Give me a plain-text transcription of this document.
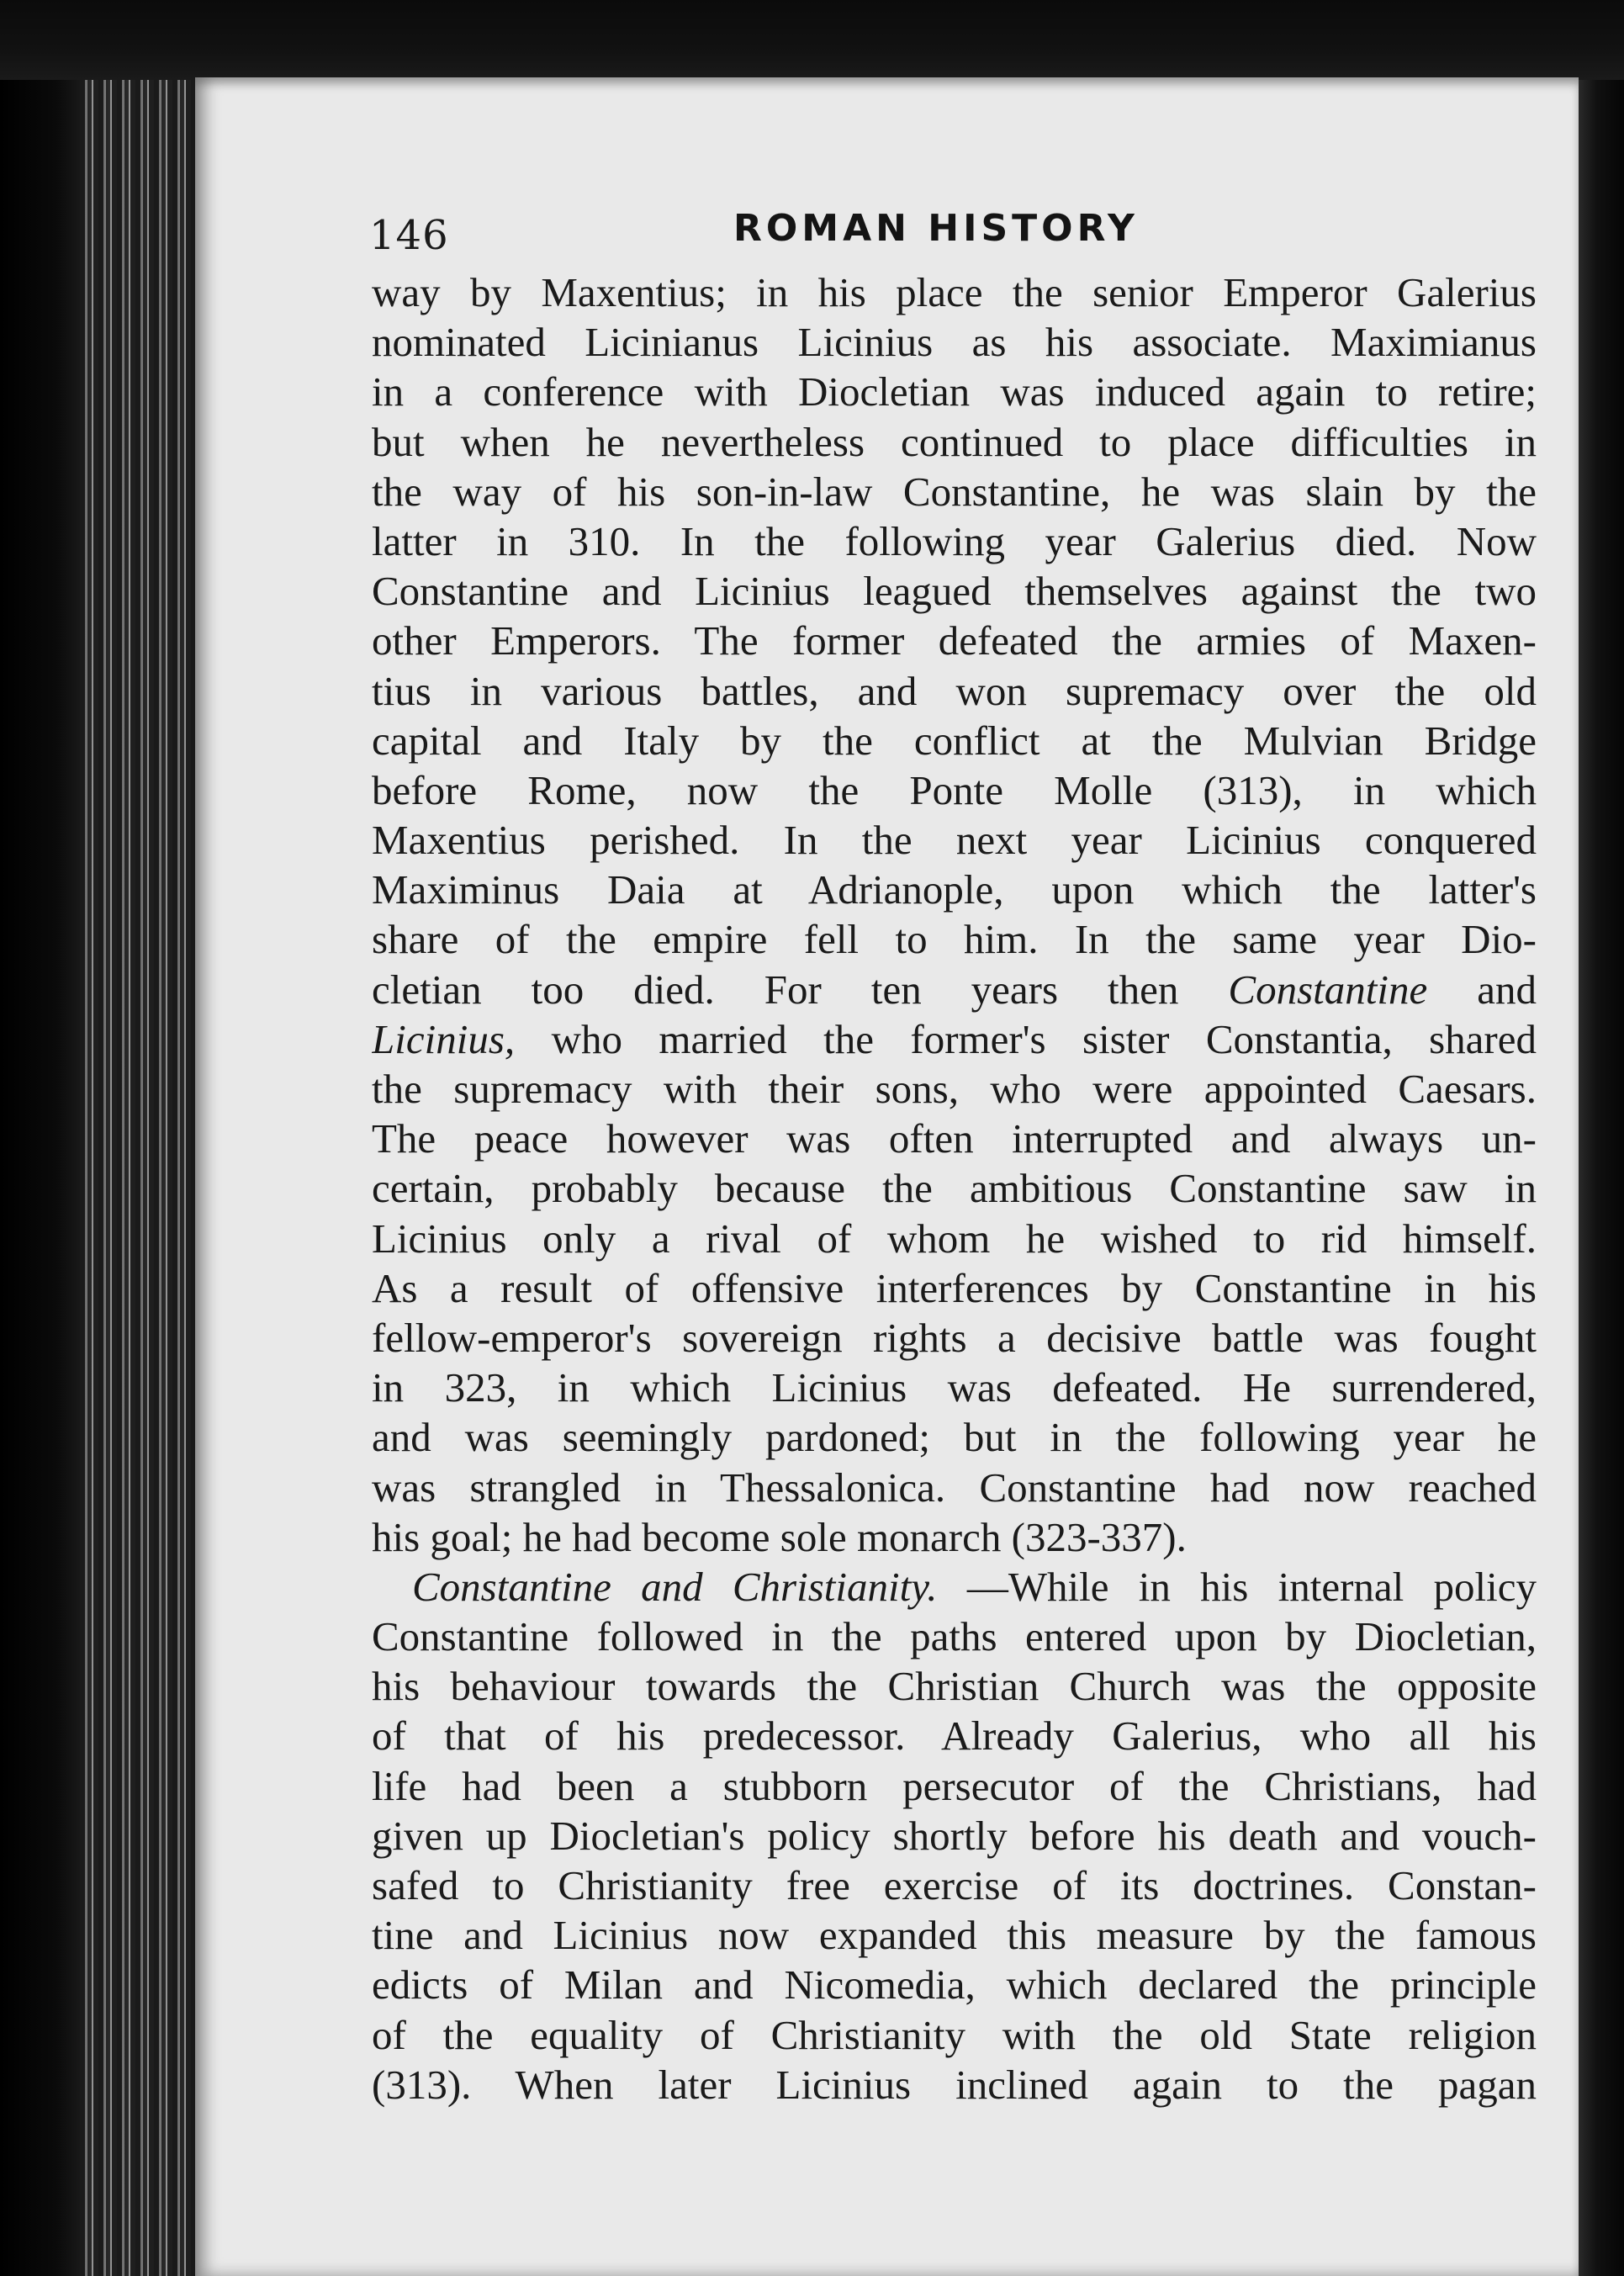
146	ROMAN HISTORY
way by Maxentius; in his place the senior Emperor Galerius
nominated Licinianus Licinius as his associate. Maximianus
in a conference with Diocletian was induced again to retire;
but when he nevertheless continued to place difficulties in
the way of his son-in-law Constantine, he was slain by the
latter in 310. In the following year Galerius died. Now
Constantine and Licinius leagued themselves against the two
other Emperors. The former defeated the armies of Maxen-
tius in various battles, and won supremacy over the old
capital and Italy by the conflict at the Mulvian Bridge
before Rome, now the Ponte Molle (313), in which
Maxentius perished. In the next year Licinius conquered
Maximinus Daia at Adrianople, upon which the latter's
share of the empire fell to him. In the same year Dio-
cletian too died. For ten years then Constantine and
Licinius, who married the former's sister Constantia, shared
the supremacy with their sons, who were appointed Caesars.
The peace however was often interrupted and always un-
certain, probably because the ambitious Constantine saw in
Licinius only a rival of whom he wished to rid himself.
As a result of offensive interferences by Constantine in his
fellow-emperor's sovereign rights a decisive battle was fought
in 323, in which Licinius was defeated. He surrendered,
and was seemingly pardoned; but in the following year he
was strangled in Thessalonica. Constantine had now reached
his goal; he had become sole monarch (323-337).
Constantine and Christianity. —While in his internal policy
Constantine followed in the paths entered upon by Diocletian,
his behaviour towards the Christian Church was the opposite
of that of his predecessor. Already Galerius, who all his
life had been a stubborn persecutor of the Christians, had
given up Diocletian's policy shortly before his death and vouch-
safed to Christianity free exercise of its doctrines. Constan-
tine and Licinius now expanded this measure by the famous
edicts of Milan and Nicomedia, which declared the principle
of the equality of Christianity with the old State religion
(313). When later Licinius inclined again to the pagan
